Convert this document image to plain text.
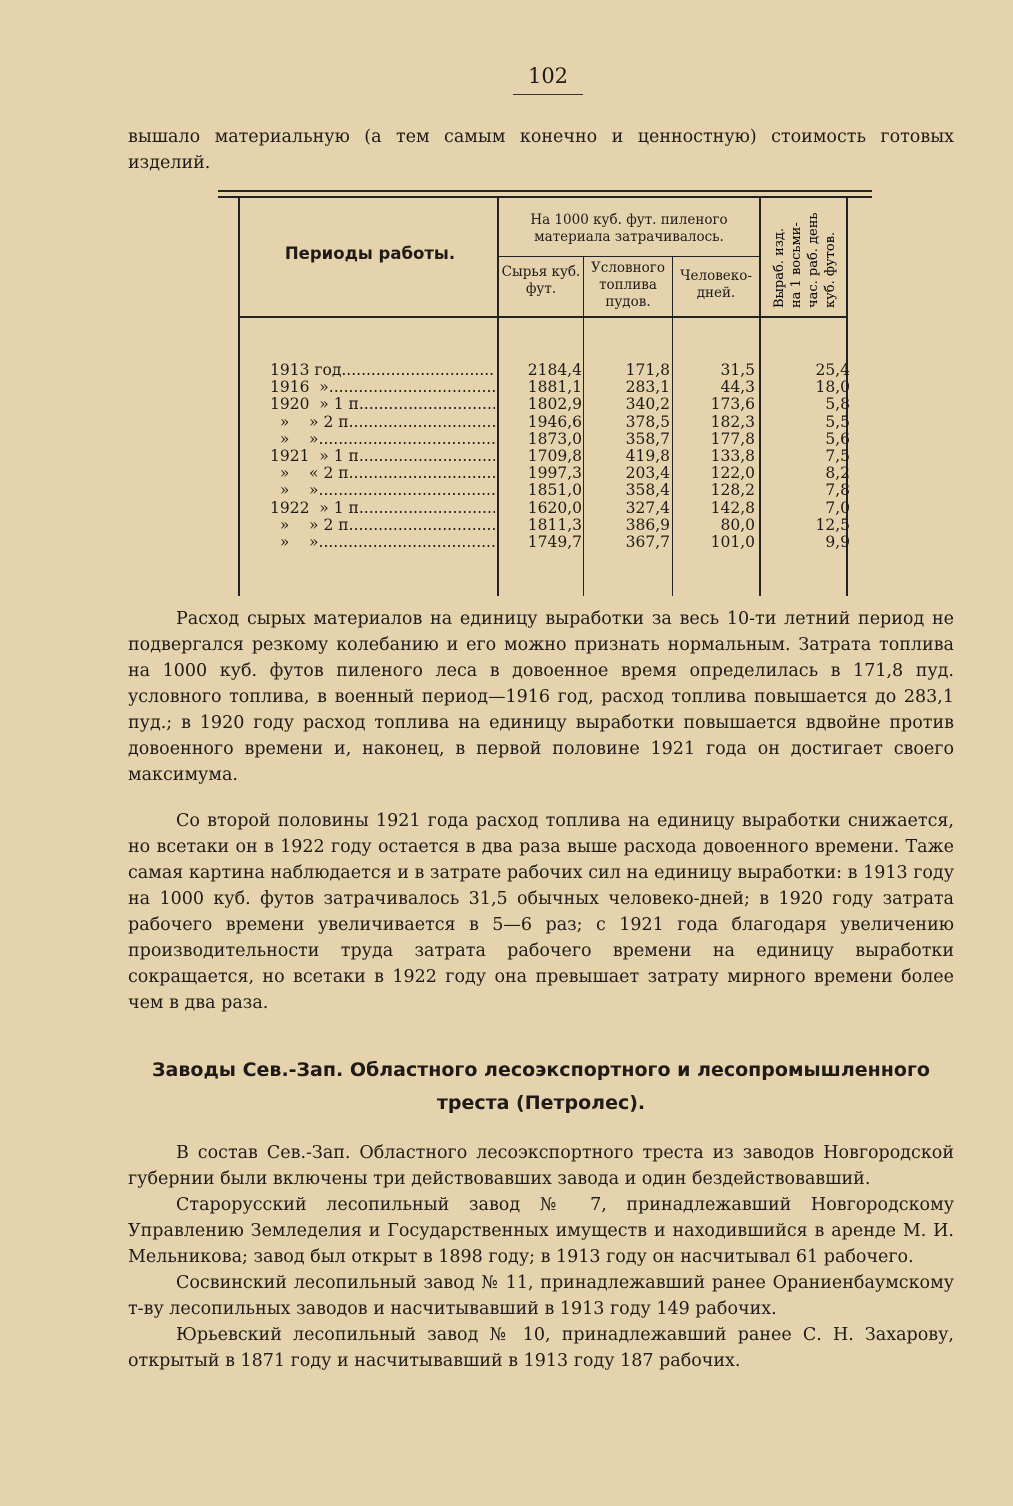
102
вышало материальную (а тем самым конечно и ценностную) стоимость готовых изделий.
Периоды работы.
На 1000 куб. фут. пиленого материала затрачивалось.
Сырья куб. фут.
Условного топлива пудов.
Человеко-дней.	Выраб. изд. на 1 восьми- час. раб. день куб. футов.
1913 год .....	2184,4	171,8	31,5	25,4
1916  » .....	1881,1	283,1	44,3	18,0
1920  » 1 п. .....	1802,9	340,2	173,6	5,8
»    » 2 п. .....	1946,6	378,5	182,3	5,5
»    » .....	1873,0	358,7	177,8	5,6
1921  » 1 п. .....	1709,8	419,8	133,8	7,5
»    « 2 п. .....	1997,3	203,4	122,0	8,2
»    » .....	1851,0	358,4	128,2	7,8
1922  » 1 п. .....	1620,0	327,4	142,8	7,0
»    » 2 п. .....	1811,3	386,9	80,0	12,5
»    » .....	1749,7	367,7	101,0	9,9
Расход сырых материалов на единицу выработки за весь 10-ти летний период не подвергался резкому колебанию и его можно признать нормальным. Затрата топлива на 1000 куб. футов пиленого леса в довоенное время определилась в 171,8 пуд. условного топлива, в военный период—1916 год, расход топлива повышается до 283,1 пуд.; в 1920 году расход топлива на единицу выработки повышается вдвойне против довоенного времени и, наконец, в первой половине 1921 года он достигает своего максимума.
Со второй половины 1921 года расход топлива на единицу выработки снижается, но всетаки он в 1922 году остается в два раза выше расхода довоенного времени. Таже самая картина наблюдается и в затрате рабочих сил на единицу выработки: в 1913 году на 1000 куб. футов затрачивалось 31,5 обычных человеко-дней; в 1920 году затрата рабочего времени увеличивается в 5—6 раз; с 1921 года благодаря увеличению производительности труда затрата рабочего времени на единицу выработки сокращается, но всетаки в 1922 году она превышает затрату мирного времени более чем в два раза.
Заводы Сев.-Зап. Областного лесоэкспортного и лесопромышленного
треста (Петролес).
В состав Сев.-Зап. Областного лесоэкспортного треста из заводов Новгородской губернии были включены три действовавших завода и один бездействовавший.
Старорусский лесопильный завод № 7, принадлежавший Новгородскому Управлению Земледелия и Государственных имуществ и находившийся в аренде М. И. Мельникова; завод был открыт в 1898 году; в 1913 году он насчитывал 61 рабочего.
Сосвинский лесопильный завод № 11, принадлежавший ранее Ораниенбаумскому т-ву лесопильных заводов и насчитывавший в 1913 году 149 рабочих.
Юрьевский лесопильный завод № 10, принадлежавший ранее С. Н. Захарову, открытый в 1871 году и насчитывавший в 1913 году 187 рабочих.
